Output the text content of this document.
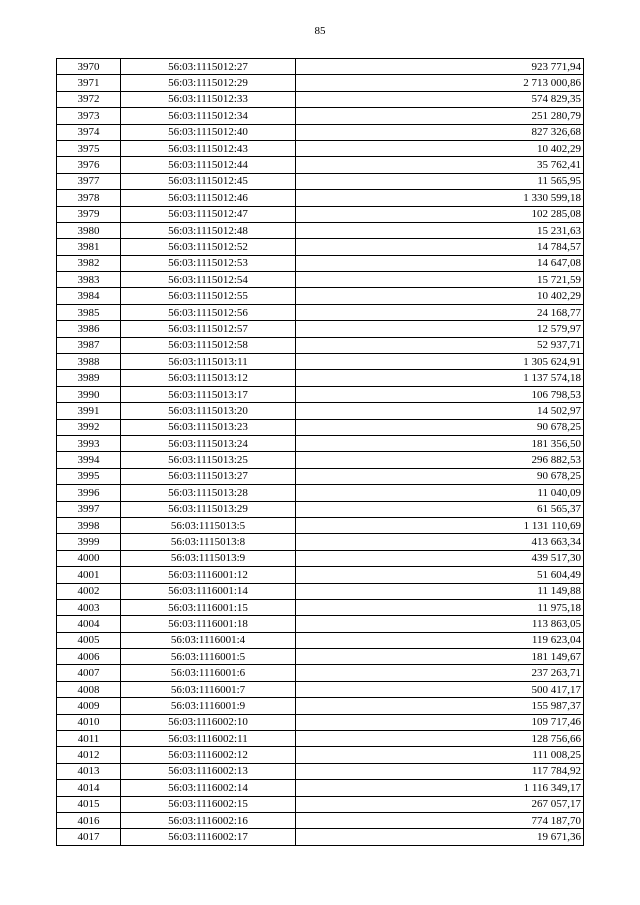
85
3970	56:03:1115012:27	923 771,94
3971	56:03:1115012:29	2 713 000,86
3972	56:03:1115012:33	574 829,35
3973	56:03:1115012:34	251 280,79
3974	56:03:1115012:40	827 326,68
3975	56:03:1115012:43	10 402,29
3976	56:03:1115012:44	35 762,41
3977	56:03:1115012:45	11 565,95
3978	56:03:1115012:46	1 330 599,18
3979	56:03:1115012:47	102 285,08
3980	56:03:1115012:48	15 231,63
3981	56:03:1115012:52	14 784,57
3982	56:03:1115012:53	14 647,08
3983	56:03:1115012:54	15 721,59
3984	56:03:1115012:55	10 402,29
3985	56:03:1115012:56	24 168,77
3986	56:03:1115012:57	12 579,97
3987	56:03:1115012:58	52 937,71
3988	56:03:1115013:11	1 305 624,91
3989	56:03:1115013:12	1 137 574,18
3990	56:03:1115013:17	106 798,53
3991	56:03:1115013:20	14 502,97
3992	56:03:1115013:23	90 678,25
3993	56:03:1115013:24	181 356,50
3994	56:03:1115013:25	296 882,53
3995	56:03:1115013:27	90 678,25
3996	56:03:1115013:28	11 040,09
3997	56:03:1115013:29	61 565,37
3998	56:03:1115013:5	1 131 110,69
3999	56:03:1115013:8	413 663,34
4000	56:03:1115013:9	439 517,30
4001	56:03:1116001:12	51 604,49
4002	56:03:1116001:14	11 149,88
4003	56:03:1116001:15	11 975,18
4004	56:03:1116001:18	113 863,05
4005	56:03:1116001:4	119 623,04
4006	56:03:1116001:5	181 149,67
4007	56:03:1116001:6	237 263,71
4008	56:03:1116001:7	500 417,17
4009	56:03:1116001:9	155 987,37
4010	56:03:1116002:10	109 717,46
4011	56:03:1116002:11	128 756,66
4012	56:03:1116002:12	111 008,25
4013	56:03:1116002:13	117 784,92
4014	56:03:1116002:14	1 116 349,17
4015	56:03:1116002:15	267 057,17
4016	56:03:1116002:16	774 187,70
4017	56:03:1116002:17	19 671,36
